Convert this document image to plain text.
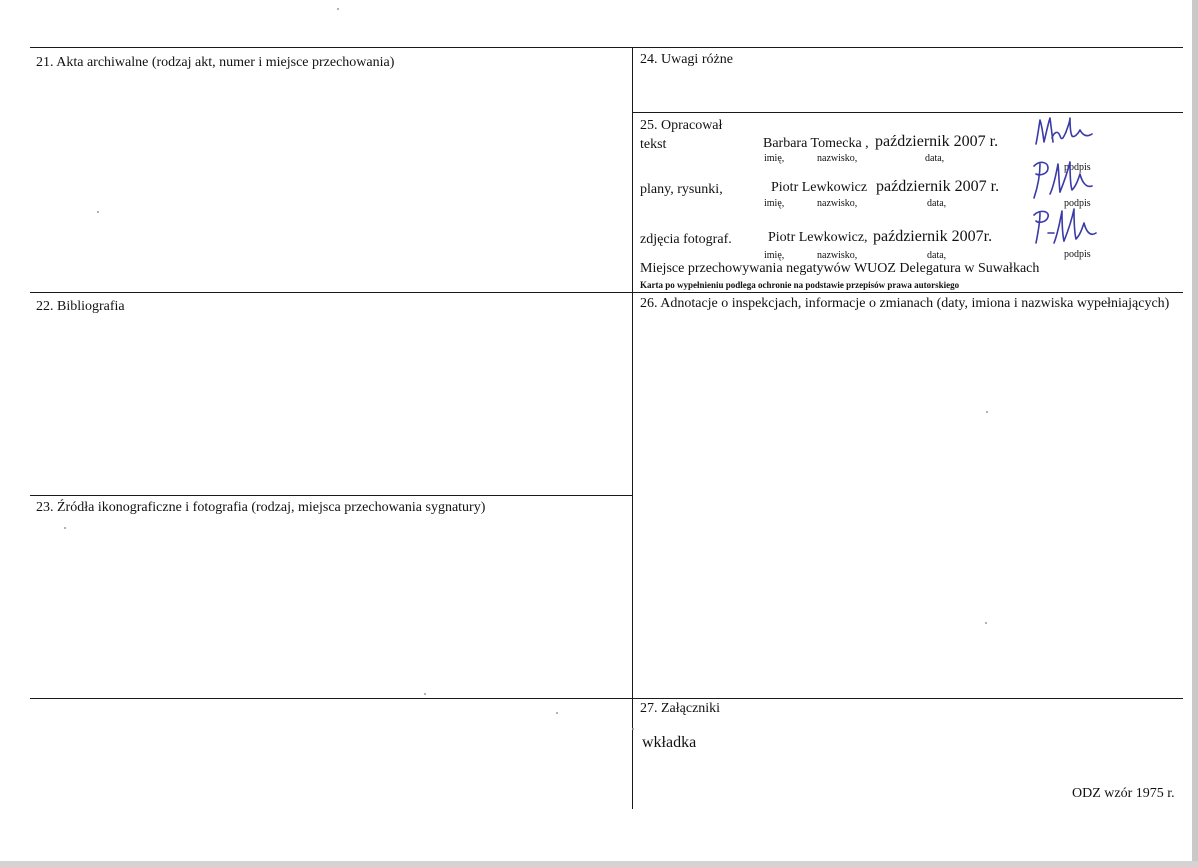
21. Akta archiwalne (rodzaj akt, numer i miejsce przechowania)
22. Bibliografia
23. Źródła ikonograficzne i fotografia (rodzaj, miejsca przechowania sygnatury)
24. Uwagi różne
25. Opracował
tekst	Barbara Tomecka , październik 2007 r.
imię,	nazwisko,	data,
podpis
plany, rysunki,	Piotr Lewkowicz październik 2007 r.
imię,	nazwisko,	data,	podpis
zdjęcia fotograf.	Piotr Lewkowicz, październik 2007r.
imię,	nazwisko,	data,	podpis
Miejsce przechowywania negatywów WUOZ Delegatura w Suwałkach
Karta po wypełnieniu podlega ochronie na podstawie przepisów prawa autorskiego
26. Adnotacje o inspekcjach, informacje o zmianach (daty, imiona i nazwiska wypełniających)
27. Załączniki
wkładka
ODZ wzór 1975 r.
